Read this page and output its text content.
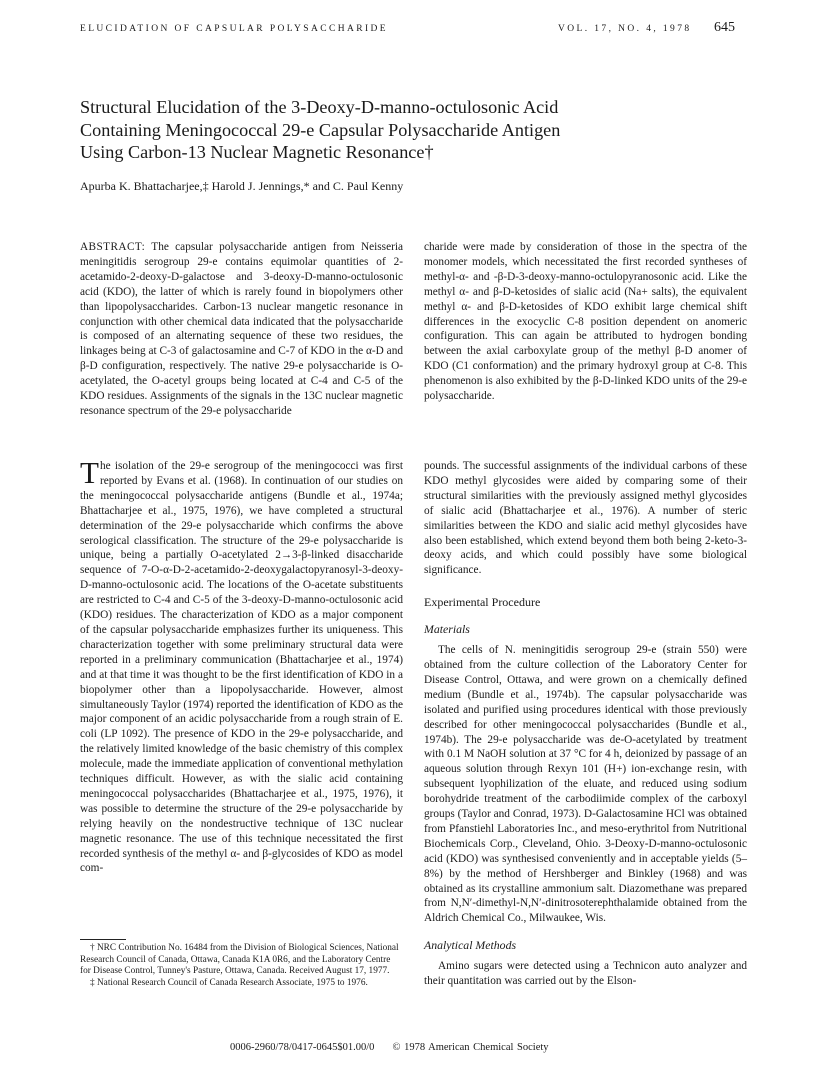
ELUCIDATION OF CAPSULAR POLYSACCHARIDE	VOL. 17, NO. 4, 1978 645
Structural Elucidation of the 3-Deoxy-D-manno-octulosonic Acid
Containing Meningococcal 29-e Capsular Polysaccharide Antigen
Using Carbon-13 Nuclear Magnetic Resonance†
Apurba K. Bhattacharjee,‡ Harold J. Jennings,* and C. Paul Kenny

ABSTRACT: The capsular polysaccharide antigen from Neisseria meningitidis serogroup 29-e contains equimolar quantities of 2-acetamido-2-deoxy-D-galactose and 3-deoxy-D-manno-octulosonic acid (KDO), the latter of which is rarely found in biopolymers other than lipopolysaccharides. Carbon-13 nuclear mangetic resonance in conjunction with other chemical data indicated that the polysaccharide is composed of an alternating sequence of these two residues, the linkages being at C-3 of galactosamine and C-7 of KDO in the α-D and β-D configuration, respectively. The native 29-e polysaccharide is O-acetylated, the O-acetyl groups being located at C-4 and C-5 of the KDO residues. Assignments of the signals in the 13C nuclear magnetic resonance spectrum of the 29-e polysaccharide

charide were made by consideration of those in the spectra of the monomer models, which necessitated the first recorded syntheses of methyl-α- and -β-D-3-deoxy-manno-octulopyranosonic acid. Like the methyl α- and β-D-ketosides of sialic acid (Na+ salts), the equivalent methyl α- and β-D-ketosides of KDO exhibit large chemical shift differences in the exocyclic C-8 position dependent on anomeric configuration. This can again be attributed to hydrogen bonding between the axial carboxylate group of the methyl β-D anomer of KDO (C1 conformation) and the primary hydroxyl group at C-8. This phenomenon is also exhibited by the β-D-linked KDO units of the 29-e polysaccharide.

The isolation of the 29-e serogroup of the meningococci was first reported by Evans et al. (1968). In continuation of our studies on the meningococcal polysaccharide antigens (Bundle et al., 1974a; Bhattacharjee et al., 1975, 1976), we have completed a structural determination of the 29-e polysaccharide which confirms the above serological classification. The structure of the 29-e polysaccharide is unique, being a partially O-acetylated 2→3-β-linked disaccharide sequence of 7-O-α-D-2-acetamido-2-deoxygalactopyranosyl-3-deoxy-D-manno-octulosonic acid. The locations of the O-acetate substituents are restricted to C-4 and C-5 of the 3-deoxy-D-manno-octulosonic acid (KDO) residues. The characterization of KDO as a major component of the capsular polysaccharide emphasizes further its uniqueness. This characterization together with some preliminary structural data were reported in a preliminary communication (Bhattacharjee et al., 1974) and at that time it was thought to be the first identification of KDO in a biopolymer other than a lipopolysaccharide. However, almost simultaneously Taylor (1974) reported the identification of KDO as the major component of an acidic polysaccharide from a rough strain of E. coli (LP 1092). The presence of KDO in the 29-e polysaccharide, and the relatively limited knowledge of the basic chemistry of this complex molecule, made the immediate application of conventional methylation techniques difficult. However, as with the sialic acid containing meningococcal polysaccharides (Bhattacharjee et al., 1975, 1976), it was possible to determine the structure of the 29-e polysaccharide by relying heavily on the nondestructive technique of 13C nuclear magnetic resonance. The use of this technique necessitated the first recorded synthesis of the methyl α- and β-glycosides of KDO as model com-

† NRC Contribution No. 16484 from the Division of Biological Sciences, National Research Council of Canada, Ottawa, Canada K1A 0R6, and the Laboratory Centre for Disease Control, Tunney's Pasture, Ottawa, Canada. Received August 17, 1977.

‡ National Research Council of Canada Research Associate, 1975 to 1976.

pounds. The successful assignments of the individual carbons of these KDO methyl glycosides were aided by comparing some of their structural similarities with the previously assigned methyl glycosides of sialic acid (Bhattacharjee et al., 1976). A number of steric similarities between the KDO and sialic acid methyl glycosides have also been established, which extend beyond them both being 2-keto-3-deoxy acids, and which could possibly have some biological significance.

Experimental Procedure

Materials

The cells of N. meningitidis serogroup 29-e (strain 550) were obtained from the culture collection of the Laboratory Center for Disease Control, Ottawa, and were grown on a chemically defined medium (Bundle et al., 1974b). The capsular polysaccharide was isolated and purified using procedures identical with those previously described for other meningococcal polysaccharides (Bundle et al., 1974b). The 29-e polysaccharide was de-O-acetylated by treatment with 0.1 M NaOH solution at 37 °C for 4 h, deionized by passage of an aqueous solution through Rexyn 101 (H+) ion-exchange resin, with subsequent lyophilization of the eluate, and reduced using sodium borohydride treatment of the carbodiimide complex of the carboxyl groups (Taylor and Conrad, 1973). D-Galactosamine HCl was obtained from Pfanstiehl Laboratories Inc., and meso-erythritol from Nutritional Biochemicals Corp., Cleveland, Ohio. 3-Deoxy-D-manno-octulosonic acid (KDO) was synthesised conveniently and in acceptable yields (5–8%) by the method of Hershberger and Binkley (1968) and was obtained as its crystalline ammonium salt. Diazomethane was prepared from N,N′-dimethyl-N,N′-dinitrosoterephthalamide obtained from the Aldrich Chemical Co., Milwaukee, Wis.

Analytical Methods

Amino sugars were detected using a Technicon auto analyzer and their quantitation was carried out by the Elson-

0006-2960/78/0417-0645$01.00/0 © 1978 American Chemical Society
